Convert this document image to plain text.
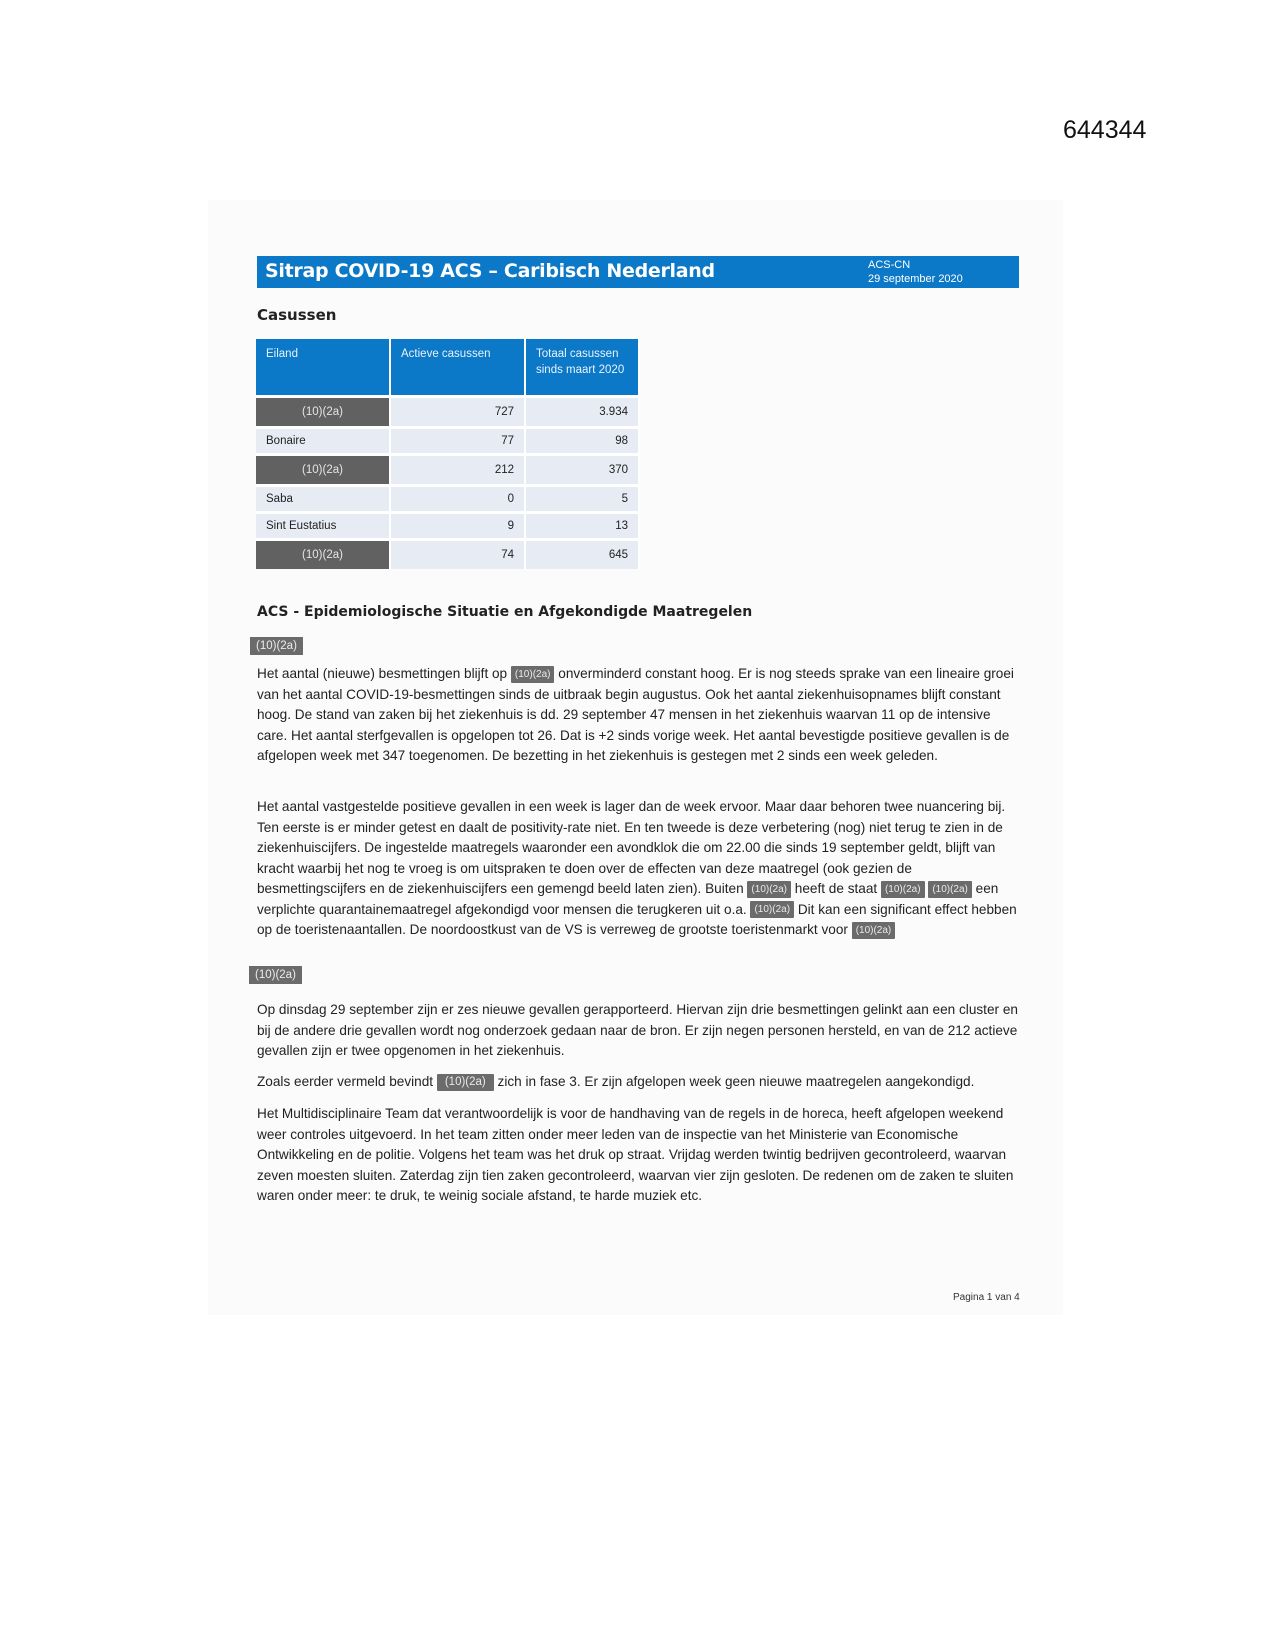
644344
Sitrap COVID-19 ACS – Caribisch Nederland	ACS-CN
29 september 2020
Casussen
Eiland	Actieve casussen	Totaal casussen sinds maart 2020
(10)(2a)	727	3.934
Bonaire	77	98
(10)(2a)	212	370
Saba	0	5
Sint Eustatius	9	13
(10)(2a)	74	645
ACS - Epidemiologische Situatie en Afgekondigde Maatregelen
(10)(2a)

Het aantal (nieuwe) besmettingen blijft op (10)(2a) onverminderd constant hoog. Er is nog steeds sprake van een lineaire groei van het aantal COVID-19-besmettingen sinds de uitbraak begin augustus. Ook het aantal ziekenhuisopnames blijft constant hoog. De stand van zaken bij het ziekenhuis is dd. 29 september 47 mensen in het ziekenhuis waarvan 11 op de intensive care. Het aantal sterfgevallen is opgelopen tot 26. Dat is +2 sinds vorige week. Het aantal bevestigde positieve gevallen is de afgelopen week met 347 toegenomen. De bezetting in het ziekenhuis is gestegen met 2 sinds een week geleden.

Het aantal vastgestelde positieve gevallen in een week is lager dan de week ervoor. Maar daar behoren twee nuancering bij. Ten eerste is er minder getest en daalt de positivity-rate niet. En ten tweede is deze verbetering (nog) niet terug te zien in de ziekenhuiscijfers. De ingestelde maatregels waaronder een avondklok die om 22.00 die sinds 19 september geldt, blijft van kracht waarbij het nog te vroeg is om uitspraken te doen over de effecten van deze maatregel (ook gezien de besmettingscijfers en de ziekenhuiscijfers een gemengd beeld laten zien). Buiten (10)(2a) heeft de staat (10)(2a) (10)(2a) een verplichte quarantainemaatregel afgekondigd voor mensen die terugkeren uit o.a. (10)(2a) Dit kan een significant effect hebben op de toeristenaantallen. De noordoostkust van de VS is verreweg de grootste toeristenmarkt voor (10)(2a)

(10)(2a)

Op dinsdag 29 september zijn er zes nieuwe gevallen gerapporteerd. Hiervan zijn drie besmettingen gelinkt aan een cluster en bij de andere drie gevallen wordt nog onderzoek gedaan naar de bron. Er zijn negen personen hersteld, en van de 212 actieve gevallen zijn er twee opgenomen in het ziekenhuis.

Zoals eerder vermeld bevindt (10)(2a) zich in fase 3. Er zijn afgelopen week geen nieuwe maatregelen aangekondigd.

Het Multidisciplinaire Team dat verantwoordelijk is voor de handhaving van de regels in de horeca, heeft afgelopen weekend weer controles uitgevoerd. In het team zitten onder meer leden van de inspectie van het Ministerie van Economische Ontwikkeling en de politie. Volgens het team was het druk op straat. Vrijdag werden twintig bedrijven gecontroleerd, waarvan zeven moesten sluiten. Zaterdag zijn tien zaken gecontroleerd, waarvan vier zijn gesloten. De redenen om de zaken te sluiten waren onder meer: te druk, te weinig sociale afstand, te harde muziek etc.

Pagina 1 van 4
